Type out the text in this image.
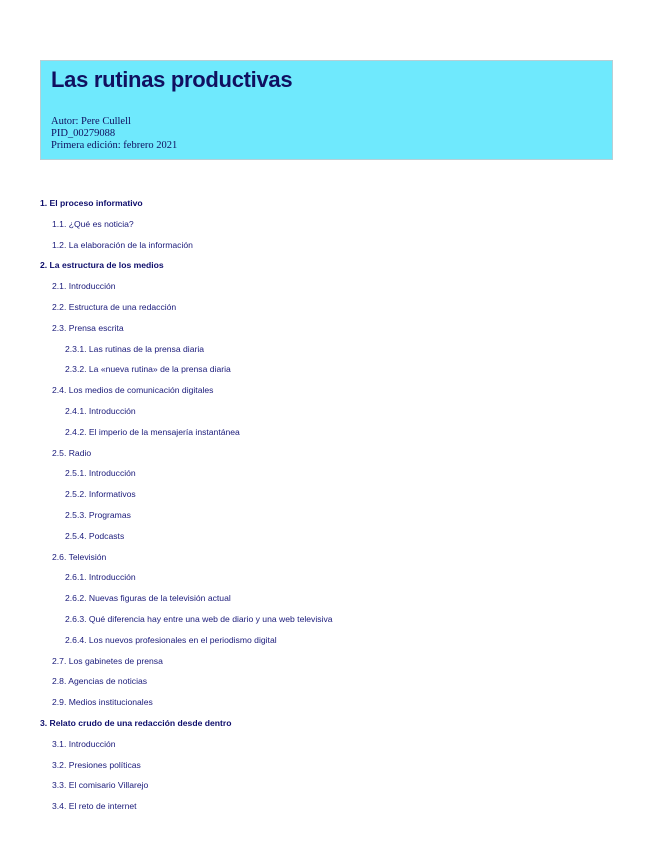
Las rutinas productivas
Autor: Pere Cullell
PID_00279088
Primera edición: febrero 2021
1. El proceso informativo
1.1. ¿Qué es noticia?
1.2. La elaboración de la información
2. La estructura de los medios
2.1. Introducción
2.2. Estructura de una redacción
2.3. Prensa escrita
2.3.1. Las rutinas de la prensa diaria
2.3.2. La «nueva rutina» de la prensa diaria
2.4. Los medios de comunicación digitales
2.4.1. Introducción
2.4.2. El imperio de la mensajería instantánea
2.5. Radio
2.5.1. Introducción
2.5.2. Informativos
2.5.3. Programas
2.5.4. Podcasts
2.6. Televisión
2.6.1. Introducción
2.6.2. Nuevas figuras de la televisión actual
2.6.3. Qué diferencia hay entre una web de diario y una web televisiva
2.6.4. Los nuevos profesionales en el periodismo digital
2.7. Los gabinetes de prensa
2.8. Agencias de noticias
2.9. Medios institucionales
3. Relato crudo de una redacción desde dentro
3.1. Introducción
3.2. Presiones políticas
3.3. El comisario Villarejo
3.4. El reto de internet
